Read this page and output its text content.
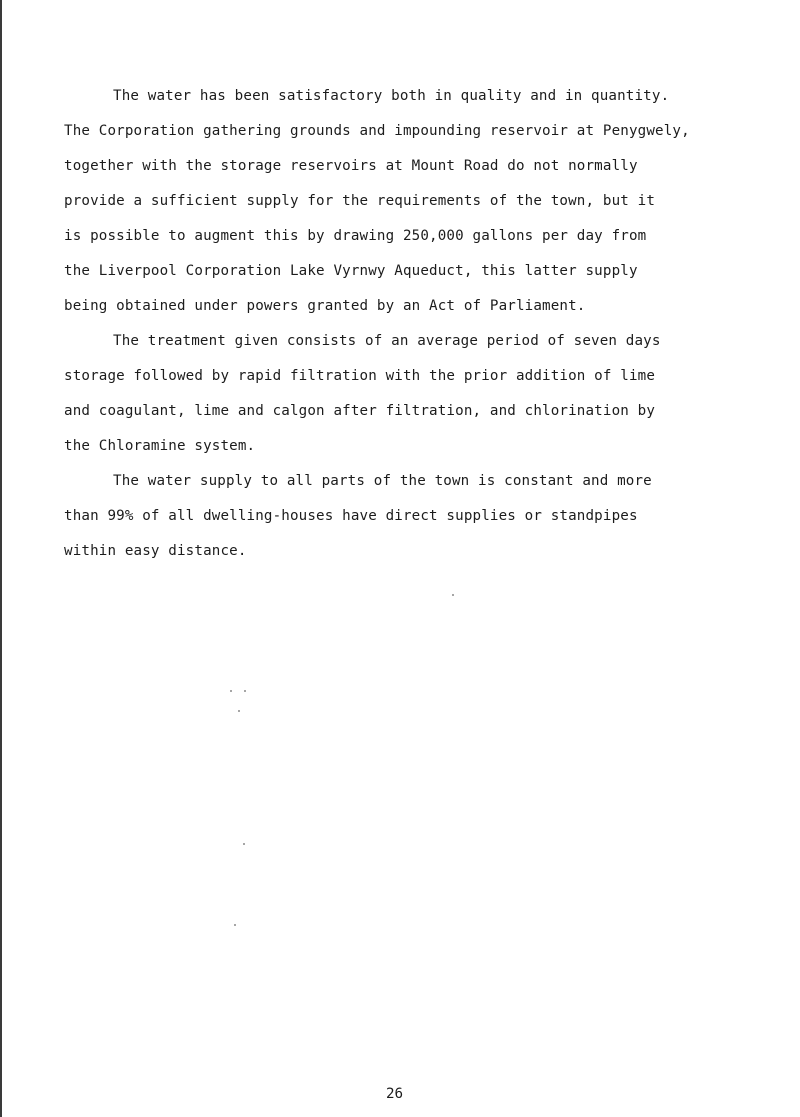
The water has been satisfactory both in quality and in quantity.
The Corporation gathering grounds and impounding reservoir at Penygwely,
together with the storage reservoirs at Mount Road do not normally
provide a sufficient supply for the requirements of the town, but it
is possible to augment this by drawing 250,000 gallons per day from
the Liverpool Corporation Lake Vyrnwy Aqueduct, this latter supply
being obtained under powers granted by an Act of Parliament.
The treatment given consists of an average period of seven days
storage followed by rapid filtration with the prior addition of lime
and coagulant, lime and calgon after filtration, and chlorination by
the Chloramine system.
The water supply to all parts of the town is constant and more
than 99% of all dwelling-houses have direct supplies or standpipes
within easy distance.
26
